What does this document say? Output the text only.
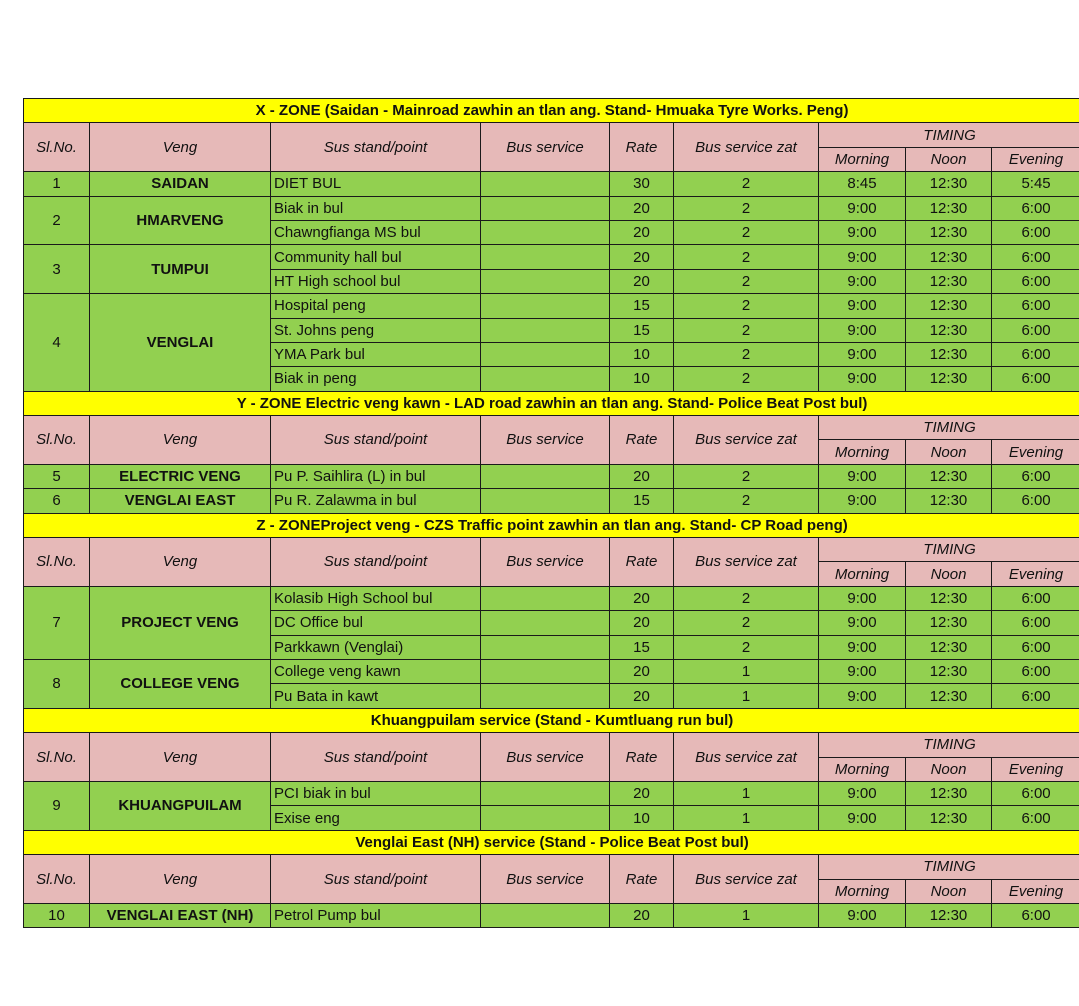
X - ZONE (Saidan - Mainroad zawhin an tlan ang. Stand- Hmuaka Tyre Works. Peng)								
Sl.No.	Veng	Sus stand/point	Bus service	Rate	Bus service zat	TIMING		
						Morning	Noon	Evening
1	SAIDAN	DIET BUL		30	2	8:45	12:30	5:45
2	HMARVENG	Biak in bul		20	2	9:00	12:30	6:00
		Chawngfianga MS bul		20	2	9:00	12:30	6:00
3	TUMPUI	Community hall bul		20	2	9:00	12:30	6:00
		HT High school bul		20	2	9:00	12:30	6:00
4	VENGLAI	Hospital peng		15	2	9:00	12:30	6:00
		St. Johns peng		15	2	9:00	12:30	6:00
		YMA Park bul		10	2	9:00	12:30	6:00
		Biak in peng		10	2	9:00	12:30	6:00
Y - ZONE Electric veng kawn - LAD road zawhin an tlan ang. Stand- Police Beat Post bul)								
Sl.No.	Veng	Sus stand/point	Bus service	Rate	Bus service zat	TIMING		
						Morning	Noon	Evening
5	ELECTRIC VENG	Pu P. Saihlira (L) in bul		20	2	9:00	12:30	6:00
6	VENGLAI EAST	Pu R. Zalawma in bul		15	2	9:00	12:30	6:00
Z - ZONEProject veng - CZS Traffic point zawhin an tlan ang. Stand- CP Road peng)								
Sl.No.	Veng	Sus stand/point	Bus service	Rate	Bus service zat	TIMING		
						Morning	Noon	Evening
7	PROJECT VENG	Kolasib High School bul		20	2	9:00	12:30	6:00
		DC Office bul		20	2	9:00	12:30	6:00
		Parkkawn (Venglai)		15	2	9:00	12:30	6:00
8	COLLEGE VENG	College veng kawn		20	1	9:00	12:30	6:00
		Pu Bata in kawt		20	1	9:00	12:30	6:00
Khuangpuilam service (Stand - Kumtluang run bul)								
Sl.No.	Veng	Sus stand/point	Bus service	Rate	Bus service zat	TIMING		
						Morning	Noon	Evening
9	KHUANGPUILAM	PCI biak in bul		20	1	9:00	12:30	6:00
		Exise eng		10	1	9:00	12:30	6:00
Venglai East (NH) service (Stand - Police Beat Post bul)								
Sl.No.	Veng	Sus stand/point	Bus service	Rate	Bus service zat	TIMING		
						Morning	Noon	Evening
10	VENGLAI EAST (NH)	Petrol Pump bul		20	1	9:00	12:30	6:00
